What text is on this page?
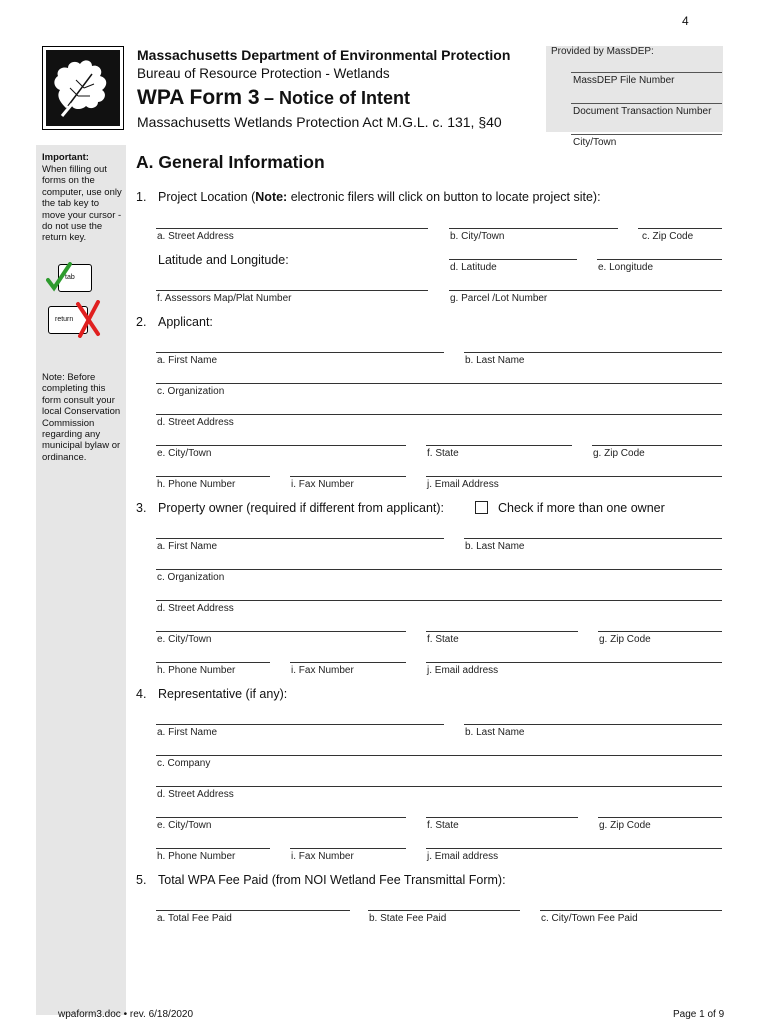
4
Massachusetts Department of Environmental Protection
Bureau of Resource Protection - Wetlands
WPA Form 3 – Notice of Intent
Massachusetts Wetlands Protection Act M.G.L. c. 131, §40
Provided by MassDEP:
MassDEP File Number
Document Transaction Number
City/Town
Important:
When filling out forms on the computer, use only the tab key to move your cursor - do not use the return key.
tab
return
Note: Before completing this form consult your local Conservation Commission regarding any municipal bylaw or ordinance.
A. General Information
1. Project Location (Note: electronic filers will click on button to locate project site):
a. Street Address	b. City/Town	c. Zip Code
Latitude and Longitude:
d. Latitude	e. Longitude
f. Assessors Map/Plat Number	g. Parcel /Lot Number
2. Applicant:
a. First Name	b. Last Name
c. Organization
d. Street Address
e. City/Town	f. State	g. Zip Code
h. Phone Number	i. Fax Number	j. Email Address
3. Property owner (required if different from applicant):	Check if more than one owner
a. First Name	b. Last Name
c. Organization
d. Street Address
e. City/Town	f. State	g. Zip Code
h. Phone Number	i. Fax Number	j. Email address
4. Representative (if any):
a. First Name	b. Last Name
c. Company
d. Street Address
e. City/Town	f. State	g. Zip Code
h. Phone Number	i. Fax Number	j. Email address
5. Total WPA Fee Paid (from NOI Wetland Fee Transmittal Form):
a. Total Fee Paid	b. State Fee Paid	c. City/Town Fee Paid
wpaform3.doc • rev. 6/18/2020	Page 1 of 9
